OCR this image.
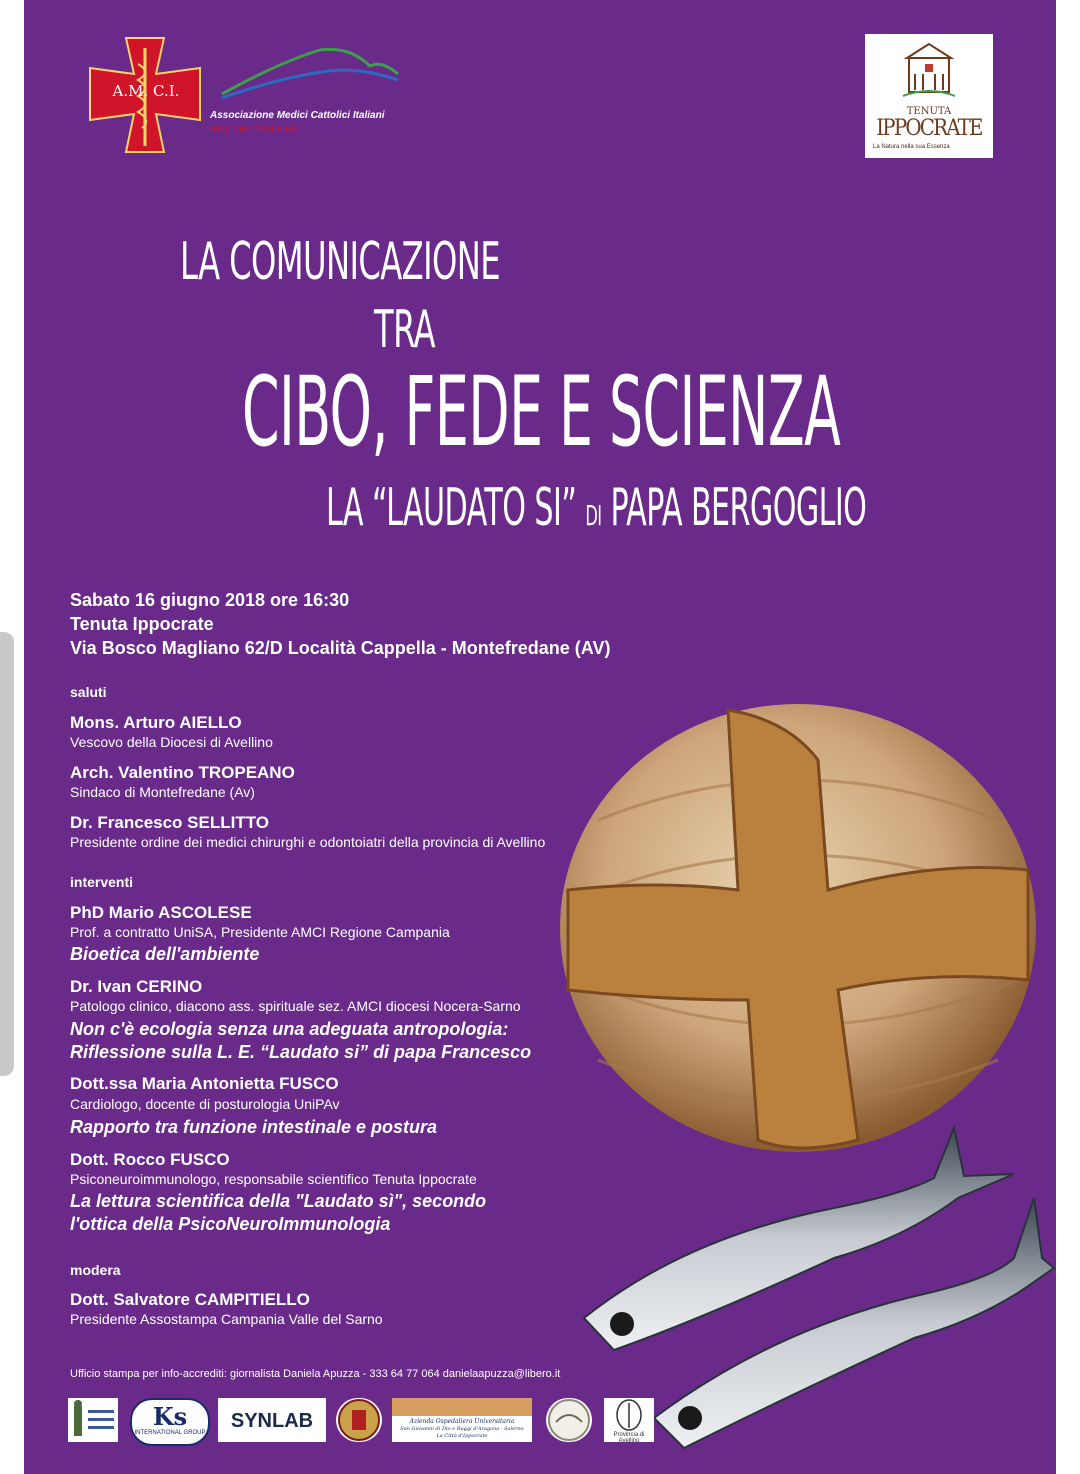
A.M. C.I.
Associazione Medici Cattolici Italiani
Regione Campania
TENUTA
IPPOCRATE
La Natura nella sua Essenza
LA COMUNICAZIONE
TRA
CIBO, FEDE E SCIENZA
LA “LAUDATO SI” DI PAPA BERGOGLIO
Sabato 16 giugno 2018 ore 16:30
Tenuta Ippocrate
Via Bosco Magliano 62/D Località Cappella - Montefredane (AV)
saluti
Mons. Arturo AIELLO
Vescovo della Diocesi di Avellino
Arch. Valentino TROPEANO
Sindaco di Montefredane (Av)
Dr. Francesco SELLITTO
Presidente ordine dei medici chirurghi e odontoiatri della provincia di Avellino
interventi
PhD Mario ASCOLESE
Prof. a contratto UniSA, Presidente AMCI Regione Campania
Bioetica dell'ambiente
Dr. Ivan CERINO
Patologo clinico, diacono ass. spirituale sez. AMCI diocesi Nocera-Sarno
Non c'è ecologia senza una adeguata antropologia:
Riflessione sulla L. E. “Laudato si” di papa Francesco
Dott.ssa Maria Antonietta FUSCO
Cardiologo, docente di posturologia UniPAv
Rapporto tra funzione intestinale e postura
Dott. Rocco FUSCO
Psiconeuroimmunologo, responsabile scientifico Tenuta Ippocrate
La lettura scientifica della "Laudato sì", secondo
l'ottica della PsicoNeuroImmunologia
modera
Dott. Salvatore CAMPITIELLO
Presidente Assostampa Campania Valle del Sarno
Ufficio stampa per info-accrediti: giornalista Daniela Apuzza - 333 64 77 064 danielaapuzza@libero.it
Ks
INTERNATIONAL GROUP
SYNLAB	Azienda Ospedaliera Universitaria
San Giovanni di Dio e Ruggi d'Aragona - Salerno
La Città d'Ippocrate	Provincia di Avellino
